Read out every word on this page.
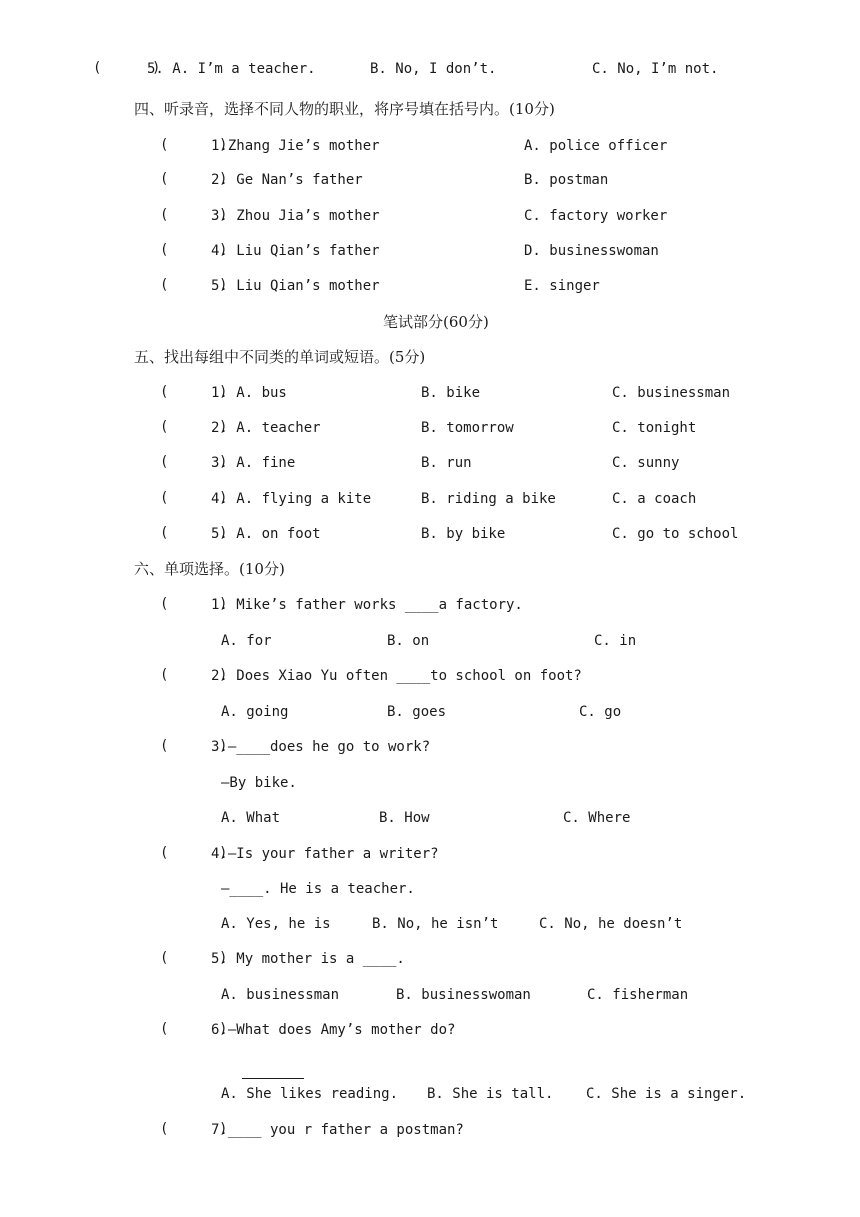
(      )
5. A. I’m a teacher.	B. No, I don’t.	C. No, I’m not.
四、听录音，选择不同人物的职业，将序号填在括号内。(10分)
(      )
1.Zhang Jie’s mother	A. police officer
(      )
2. Ge Nan’s father	B. postman
(      )
3. Zhou Jia’s mother	C. factory worker
(      )
4. Liu Qian’s father	D. businesswoman
(      )
5. Liu Qian’s mother	E. singer
笔试部分(60分)
五、找出每组中不同类的单词或短语。(5分)
(      )
1. A. bus	B. bike	C. businessman
(      )
2. A. teacher	B. tomorrow	C. tonight
(      )
3. A. fine	B. run	C. sunny
(      )
4. A. flying a kite	B. riding a bike	C. a coach
(      )
5. A. on foot	B. by bike	C. go to school
六、单项选择。(10分)
(      )
1. Mike’s father works ____a factory.
A. for	B. on	C. in
(      )
2. Does Xiao Yu often ____to school on foot?
A. going	B. goes	C. go
(      )
3.—____does he go to work?
—By bike.
A. What	B. How	C. Where
(      )
4.—Is your father a writer?
—____. He is a teacher.
A. Yes, he is	B. No, he isn’t	C. No, he doesn’t
(      )
5. My mother is a ____.
A. businessman	B. businesswoman	C. fisherman
(      )
6.—What does Amy’s mother do?
A. She likes reading. B. She is tall. C. She is a singer.
(      )
7.____ you r father a postman?
